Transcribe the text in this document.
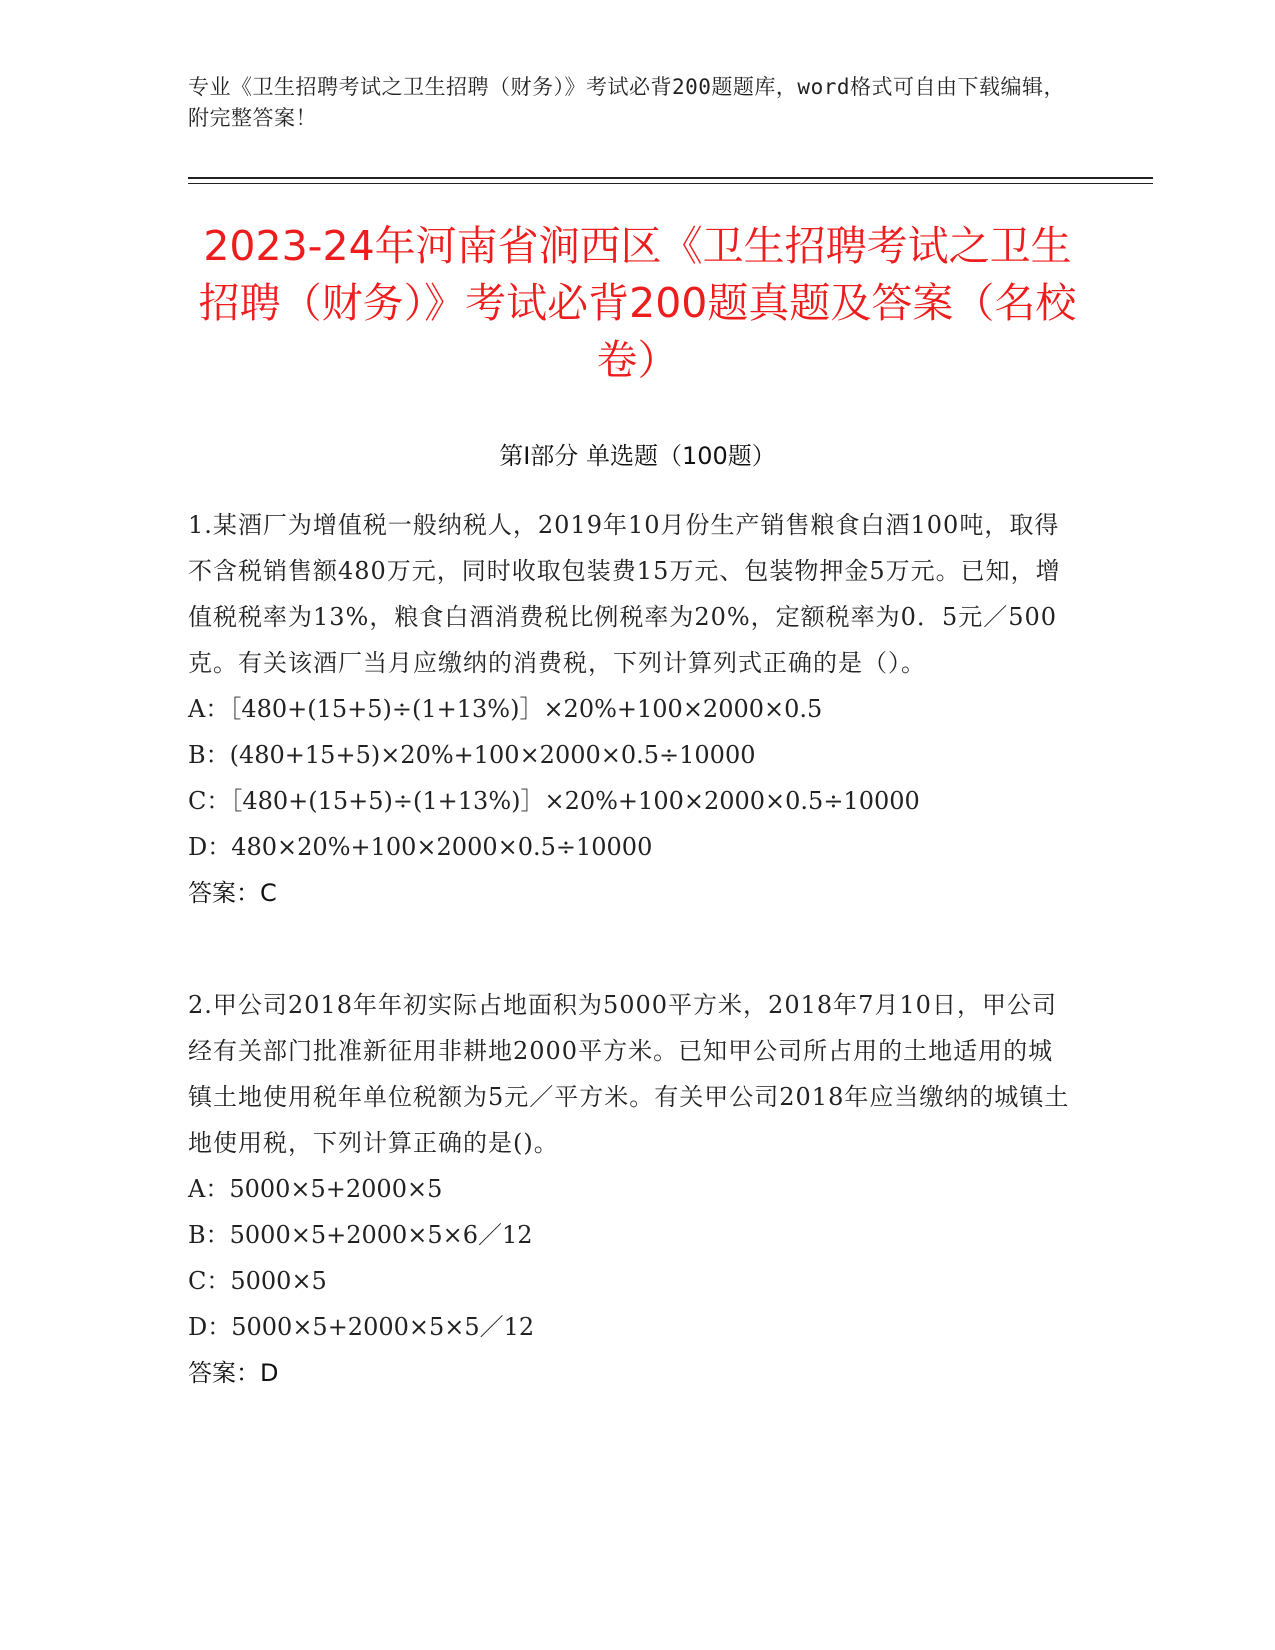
专业《卫生招聘考试之卫生招聘（财务）》考试必背200题题库，word格式可自由下载编辑，附完整答案！
2023-24年河南省涧西区《卫生招聘考试之卫生招聘（财务）》考试必背200题真题及答案（名校卷）
第Ⅰ部分 单选题（100题）
1.某酒厂为增值税一般纳税人，2019年10月份生产销售粮食白酒100吨，取得不含税销售额480万元，同时收取包装费15万元、包装物押金5万元。已知，增值税税率为13%，粮食白酒消费税比例税率为20%，定额税率为0．5元／500克。有关该酒厂当月应缴纳的消费税，下列计算列式正确的是（）。
A：［480+(15+5)÷(1+13%)］×20%+100×2000×0.5
B：(480+15+5)×20%+100×2000×0.5÷10000
C：［480+(15+5)÷(1+13%)］×20%+100×2000×0.5÷10000
D：480×20%+100×2000×0.5÷10000
答案：C
2.甲公司2018年年初实际占地面积为5000平方米，2018年7月10日，甲公司经有关部门批准新征用非耕地2000平方米。已知甲公司所占用的土地适用的城镇土地使用税年单位税额为5元／平方米。有关甲公司2018年应当缴纳的城镇土地使用税，下列计算正确的是()。
A：5000×5+2000×5
B：5000×5+2000×5×6／12
C：5000×5
D：5000×5+2000×5×5／12
答案：D
